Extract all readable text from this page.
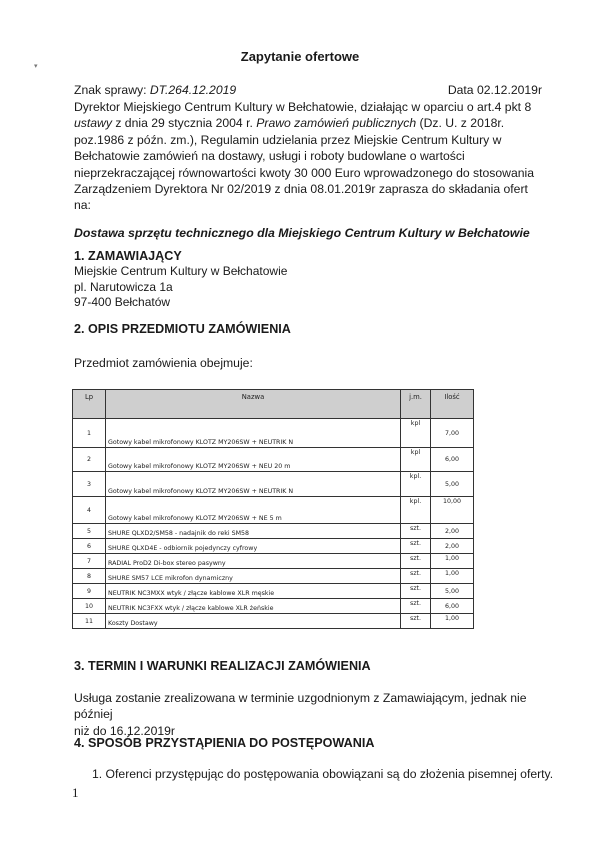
▾
Zapytanie ofertowe
Znak sprawy: DT.264.12.2019	Data 02.12.2019r
Dyrektor Miejskiego Centrum Kultury w Bełchatowie, działając w oparciu o art.4 pkt 8
ustawy z dnia 29 stycznia 2004 r. Prawo zamówień publicznych (Dz. U. z 2018r.
poz.1986 z późn. zm.), Regulamin udzielania przez Miejskie Centrum Kultury w
Bełchatowie zamówień na dostawy, usługi i roboty budowlane o wartości
nieprzekraczającej równowartości kwoty 30 000 Euro wprowadzonego do stosowania
Zarządzeniem Dyrektora Nr 02/2019 z dnia 08.01.2019r zaprasza do składania ofert
na:
Dostawa sprzętu technicznego dla Miejskiego Centrum Kultury w Bełchatowie
1. ZAMAWIAJĄCY
Miejskie Centrum Kultury w Bełchatowie
pl. Narutowicza 1a
97-400 Bełchatów
2. OPIS PRZEDMIOTU ZAMÓWIENIA
Przedmiot zamówienia obejmuje:
Lp	Nazwa	j.m.	Ilość
1	Gotowy kabel mikrofonowy KLOTZ MY206SW + NEUTRIK N	kpl	7,00
2	Gotowy kabel mikrofonowy KLOTZ MY206SW + NEU 20 m	kpl	6,00
3	Gotowy kabel mikrofonowy KLOTZ MY206SW + NEUTRIK N	kpl.	5,00
4	Gotowy kabel mikrofonowy KLOTZ MY206SW + NE 5 m	kpl.	10,00
5	SHURE QLXD2/SM58 - nadajnik do reki SM58	szt.	2,00
6	SHURE QLXD4E - odbiornik pojedynczy cyfrowy	szt.	2,00
7	RADIAL ProD2 Di-box stereo pasywny	szt.	1,00
8	SHURE SM57 LCE mikrofon dynamiczny	szt.	1,00
9	NEUTRIK NC3MXX wtyk / złącze kablowe XLR męskie	szt.	5,00
10	NEUTRIK NC3FXX wtyk / złącze kablowe XLR żeńskie	szt.	6,00
11	Koszty Dostawy	szt.	1,00
3. TERMIN I WARUNKI REALIZACJI ZAMÓWIENIA
Usługa zostanie zrealizowana w terminie uzgodnionym z Zamawiającym, jednak nie później
niż do 16.12.2019r
4. SPOSÓB PRZYSTĄPIENIA DO POSTĘPOWANIA
1. Oferenci przystępując do postępowania obowiązani są do złożenia pisemnej oferty.
1
